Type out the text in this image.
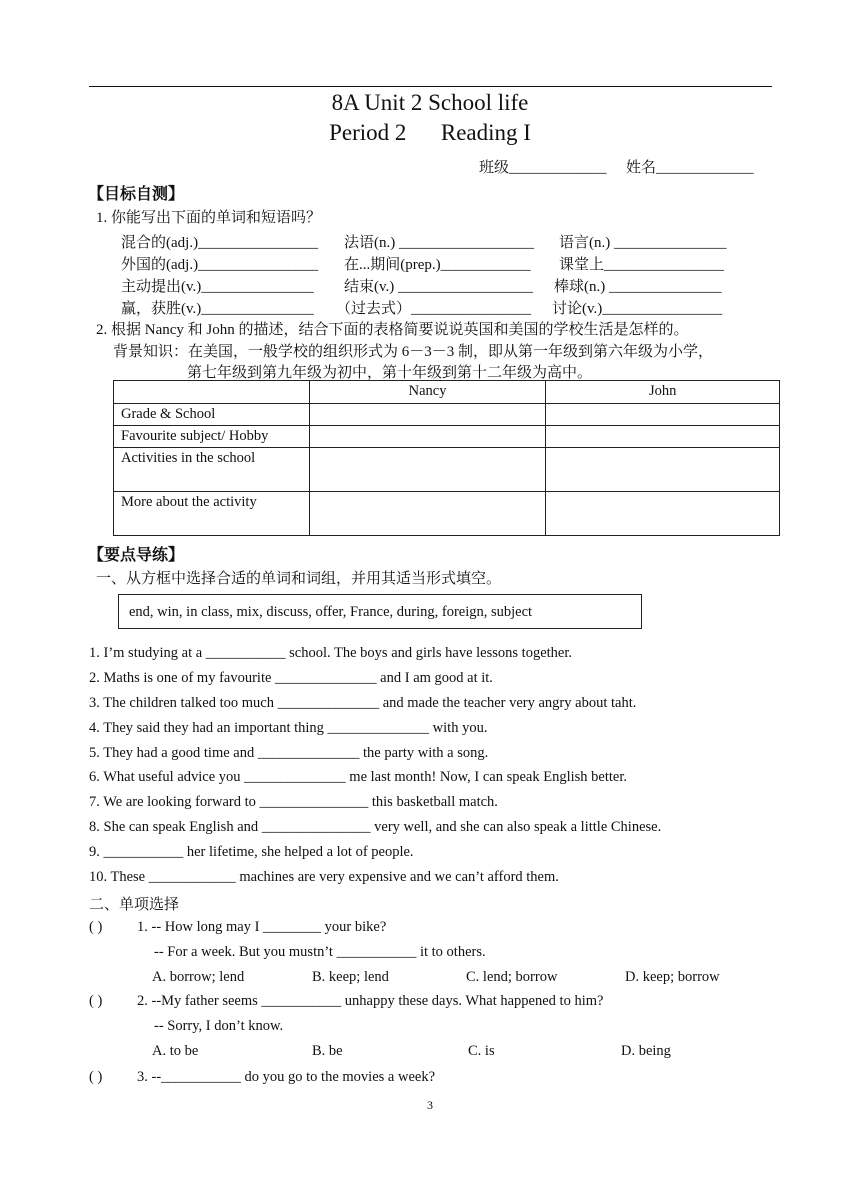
8A Unit 2 School life
Period 2      Reading I
班级_____________ 姓名_____________
【目标自测】
1. 你能写出下面的单词和短语吗？
混合的(adj.)________________ 法语(n.) __________________ 语言(n.) _______________
外国的(adj.)________________ 在...期间(prep.)____________ 课堂上________________
主动提出(v.)_______________ 结束(v.) __________________ 棒球(n.) _______________
赢，获胜(v.)_______________ （过去式）________________ 讨论(v.)________________
2. 根据 Nancy 和 John 的描述，结合下面的表格简要说说英国和美国的学校生活是怎样的。
背景知识：在美国，一般学校的组织形式为 6－3－3 制，即从第一年级到第六年级为小学，
第七年级到第九年级为初中，第十年级到第十二年级为高中。
	Nancy	John
Grade & School		
Favourite subject/ Hobby		
Activities in the school		
More about the activity		
【要点导练】
一、从方框中选择合适的单词和词组，并用其适当形式填空。
end, win, in class, mix, discuss, offer, France, during, foreign, subject
1. I’m studying at a ___________ school. The boys and girls have lessons together.
2. Maths is one of my favourite ______________ and I am good at it.
3. The children talked too much ______________ and made the teacher very angry about taht.
4. They said they had an important thing ______________ with you.
5. They had a good time and ______________ the party with a song.
6. What useful advice you ______________ me last month! Now, I can speak English better.
7. We are looking forward to _______________ this basketball match.
8. She can speak English and _______________ very well, and she can also speak a little Chinese.
9. ___________ her lifetime, she helped a lot of people.
10. These ____________ machines are very expensive and we can’t afford them.
二、单项选择
( ) 1. -- How long may I ________ your bike?
-- For a week. But you mustn’t ___________ it to others.
A. borrow; lend	B. keep; lend	C. lend; borrow	D. keep; borrow
( ) 2. --My father seems ___________ unhappy these days. What happened to him?
-- Sorry, I don’t know.
A. to be	B. be	C. is	D. being
( ) 3. --___________ do you go to the movies a week?
3
